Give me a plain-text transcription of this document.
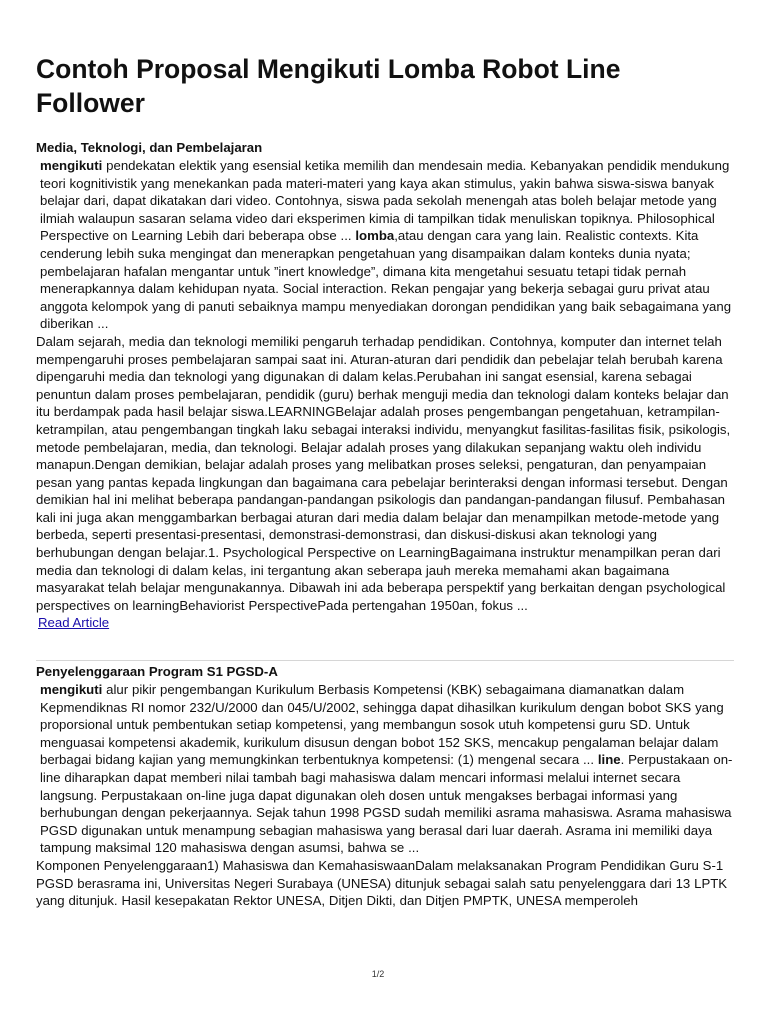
Contoh Proposal Mengikuti Lomba Robot Line Follower

Media, Teknologi, dan Pembelajaran

mengikuti pendekatan elektik yang esensial ketika memilih dan mendesain media. Kebanyakan pendidik mendukung teori kognitivistik yang menekankan pada materi-materi yang kaya akan stimulus, yakin bahwa siswa-siswa banyak belajar dari, dapat dikatakan dari video. Contohnya, siswa pada sekolah menengah atas boleh belajar metode yang ilmiah walaupun sasaran selama video dari eksperimen kimia di tampilkan tidak menuliskan topiknya. Philosophical Perspective on Learning Lebih dari beberapa obse ... lomba,atau dengan cara yang lain. Realistic contexts. Kita cenderung lebih suka mengingat dan menerapkan pengetahuan yang disampaikan dalam konteks dunia nyata; pembelajaran hafalan mengantar untuk ”inert knowledge”, dimana kita mengetahui sesuatu tetapi tidak pernah menerapkannya dalam kehidupan nyata. Social interaction. Rekan pengajar yang bekerja sebagai guru privat atau anggota kelompok yang di panuti sebaiknya mampu menyediakan dorongan pendidikan yang baik sebagaimana yang diberikan ...

Dalam sejarah, media dan teknologi memiliki pengaruh terhadap pendidikan. Contohnya, komputer dan internet telah mempengaruhi proses pembelajaran sampai saat ini. Aturan-aturan dari pendidik dan pebelajar telah berubah karena dipengaruhi media dan teknologi yang digunakan di dalam kelas.Perubahan ini sangat esensial, karena sebagai penuntun dalam proses pembelajaran, pendidik (guru) berhak menguji media dan teknologi dalam konteks belajar dan itu berdampak pada hasil belajar siswa.LEARNINGBelajar adalah proses pengembangan pengetahuan, ketrampilan-ketrampilan, atau pengembangan tingkah laku sebagai interaksi individu, menyangkut fasilitas-fasilitas fisik, psikologis, metode pembelajaran, media, dan teknologi. Belajar adalah proses yang dilakukan sepanjang waktu oleh individu manapun.Dengan demikian, belajar adalah proses yang melibatkan proses seleksi, pengaturan, dan penyampaian pesan yang pantas kepada lingkungan dan bagaimana cara pebelajar berinteraksi dengan informasi tersebut. Dengan demikian hal ini melihat beberapa pandangan-pandangan psikologis dan pandangan-pandangan filusuf. Pembahasan kali ini juga akan menggambarkan berbagai aturan dari media dalam belajar dan menampilkan metode-metode yang berbeda, seperti presentasi-presentasi, demonstrasi-demonstrasi, dan diskusi-diskusi akan teknologi yang berhubungan dengan belajar.1. Psychological Perspective on LearningBagaimana instruktur menampilkan peran dari media dan teknologi di dalam kelas, ini tergantung akan seberapa jauh mereka memahami akan bagaimana masyarakat telah belajar mengunakannya. Dibawah ini ada beberapa perspektif yang berkaitan dengan psychological perspectives on learningBehaviorist PerspectivePada pertengahan 1950an, fokus ...

Read Article

Penyelenggaraan Program S1 PGSD-A

mengikuti alur pikir pengembangan Kurikulum Berbasis Kompetensi (KBK) sebagaimana diamanatkan dalam Kepmendiknas RI nomor 232/U/2000 dan 045/U/2002, sehingga dapat dihasilkan kurikulum dengan bobot SKS yang proporsional untuk pembentukan setiap kompetensi, yang membangun sosok utuh kompetensi guru SD. Untuk menguasai kompetensi akademik, kurikulum disusun dengan bobot 152 SKS, mencakup pengalaman belajar dalam berbagai bidang kajian yang memungkinkan terbentuknya kompetensi: (1) mengenal secara ... line. Perpustakaan on-line diharapkan dapat memberi nilai tambah bagi mahasiswa dalam mencari informasi melalui internet secara langsung. Perpustakaan on-line juga dapat digunakan oleh dosen untuk mengakses berbagai informasi yang berhubungan dengan pekerjaannya. Sejak tahun 1998 PGSD sudah memiliki asrama mahasiswa. Asrama mahasiswa PGSD digunakan untuk menampung sebagian mahasiswa yang berasal dari luar daerah. Asrama ini memiliki daya tampung maksimal 120 mahasiswa dengan asumsi, bahwa se ...

Komponen Penyelenggaraan1) Mahasiswa dan KemahasiswaanDalam melaksanakan Program Pendidikan Guru S-1 PGSD berasrama ini, Universitas Negeri Surabaya (UNESA) ditunjuk sebagai salah satu penyelenggara dari 13 LPTK yang ditunjuk. Hasil kesepakatan Rektor UNESA, Ditjen Dikti, dan Ditjen PMPTK, UNESA memperoleh

1/2
